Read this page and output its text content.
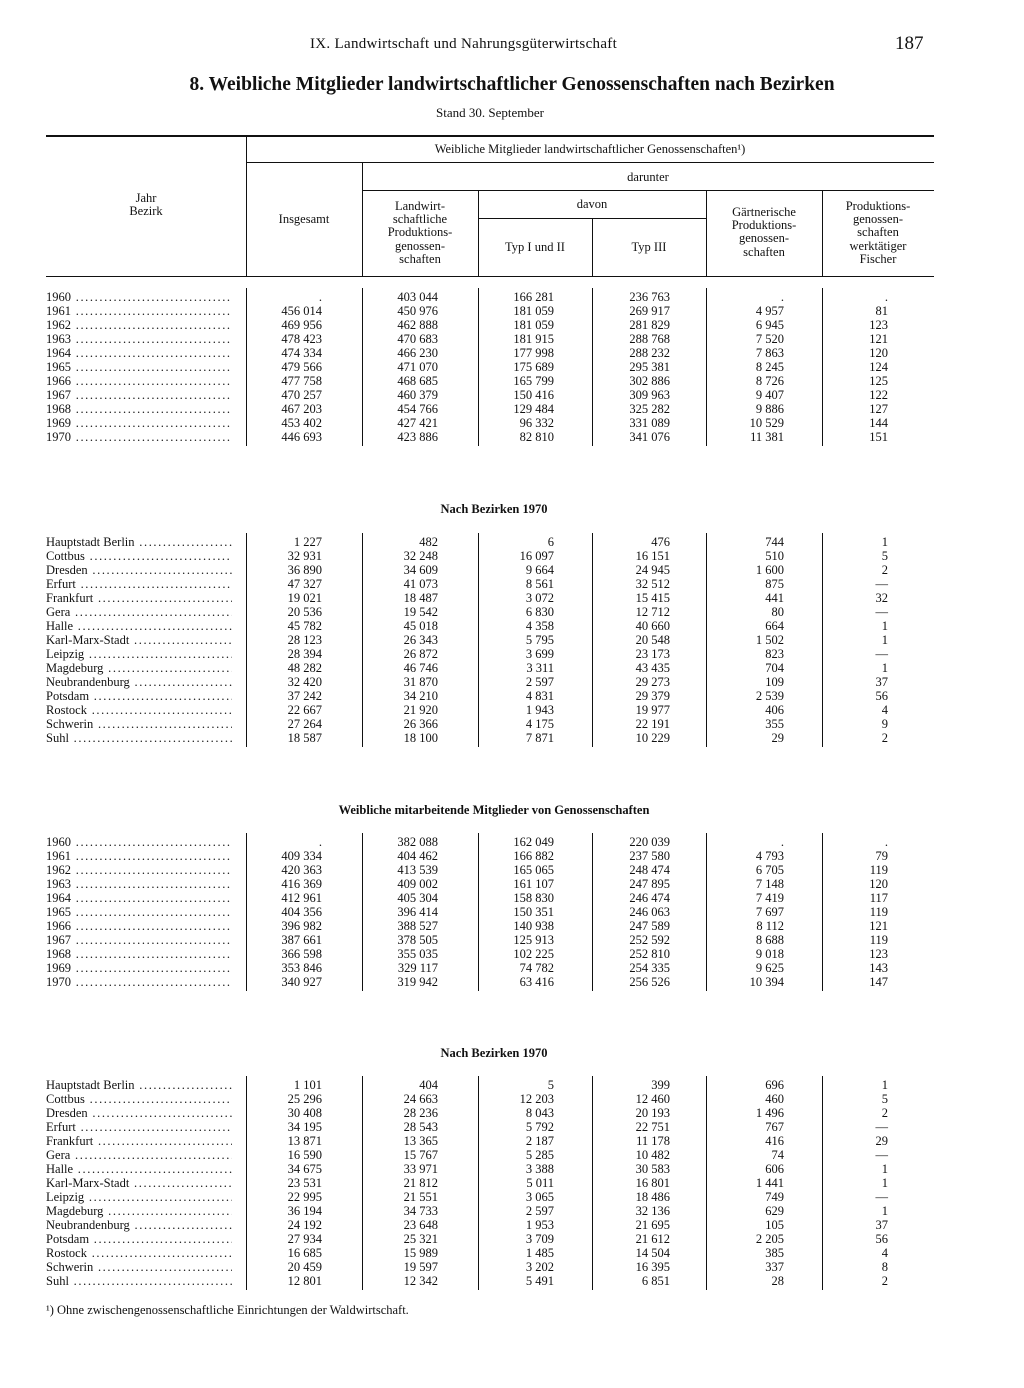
IX. Landwirtschaft und Nahrungsgüterwirtschaft	187
8. Weibliche Mitglieder landwirtschaftlicher Genossenschaften nach Bezirken
Stand 30. September
Jahr
Bezirk
Weibliche Mitglieder landwirtschaftlicher Genossenschaften¹)
Insgesamt
darunter
davon
Landwirt-
schaftliche
Produktions-
genossen-
schaften
Typ I und II	Typ III
Gärtnerische
Produktions-
genossen-
schaften
Produktions-
genossen-
schaften
werktätiger
Fischer
Nach Bezirken 1970
Weibliche mitarbeitende Mitglieder von Genossenschaften
Nach Bezirken 1970
1960 .....	.	403 044	166 281	236 763	.	.
1961 .....	456 014	450 976	181 059	269 917	4 957	81
1962 .....	469 956	462 888	181 059	281 829	6 945	123
1963 .....	478 423	470 683	181 915	288 768	7 520	121
1964 .....	474 334	466 230	177 998	288 232	7 863	120
1965 .....	479 566	471 070	175 689	295 381	8 245	124
1966 .....	477 758	468 685	165 799	302 886	8 726	125
1967 .....	470 257	460 379	150 416	309 963	9 407	122
1968 .....	467 203	454 766	129 484	325 282	9 886	127
1969 .....	453 402	427 421	96 332	331 089	10 529	144
1970 .....	446 693	423 886	82 810	341 076	11 381	151
Hauptstadt Berlin .....	1 227	482	6	476	744	1
Cottbus .....	32 931	32 248	16 097	16 151	510	5
Dresden .....	36 890	34 609	9 664	24 945	1 600	2
Erfurt .....	47 327	41 073	8 561	32 512	875	—
Frankfurt .....	19 021	18 487	3 072	15 415	441	32
Gera .....	20 536	19 542	6 830	12 712	80	—
Halle .....	45 782	45 018	4 358	40 660	664	1
Karl-Marx-Stadt .....	28 123	26 343	5 795	20 548	1 502	1
Leipzig .....	28 394	26 872	3 699	23 173	823	—
Magdeburg .....	48 282	46 746	3 311	43 435	704	1
Neubrandenburg .....	32 420	31 870	2 597	29 273	109	37
Potsdam .....	37 242	34 210	4 831	29 379	2 539	56
Rostock .....	22 667	21 920	1 943	19 977	406	4
Schwerin .....	27 264	26 366	4 175	22 191	355	9
Suhl .....	18 587	18 100	7 871	10 229	29	2
1960 .....	.	382 088	162 049	220 039	.	.
1961 .....	409 334	404 462	166 882	237 580	4 793	79
1962 .....	420 363	413 539	165 065	248 474	6 705	119
1963 .....	416 369	409 002	161 107	247 895	7 148	120
1964 .....	412 961	405 304	158 830	246 474	7 419	117
1965 .....	404 356	396 414	150 351	246 063	7 697	119
1966 .....	396 982	388 527	140 938	247 589	8 112	121
1967 .....	387 661	378 505	125 913	252 592	8 688	119
1968 .....	366 598	355 035	102 225	252 810	9 018	123
1969 .....	353 846	329 117	74 782	254 335	9 625	143
1970 .....	340 927	319 942	63 416	256 526	10 394	147
Hauptstadt Berlin .....	1 101	404	5	399	696	1
Cottbus .....	25 296	24 663	12 203	12 460	460	5
Dresden .....	30 408	28 236	8 043	20 193	1 496	2
Erfurt .....	34 195	28 543	5 792	22 751	767	—
Frankfurt .....	13 871	13 365	2 187	11 178	416	29
Gera .....	16 590	15 767	5 285	10 482	74	—
Halle .....	34 675	33 971	3 388	30 583	606	1
Karl-Marx-Stadt .....	23 531	21 812	5 011	16 801	1 441	1
Leipzig .....	22 995	21 551	3 065	18 486	749	—
Magdeburg .....	36 194	34 733	2 597	32 136	629	1
Neubrandenburg .....	24 192	23 648	1 953	21 695	105	37
Potsdam .....	27 934	25 321	3 709	21 612	2 205	56
Rostock .....	16 685	15 989	1 485	14 504	385	4
Schwerin .....	20 459	19 597	3 202	16 395	337	8
Suhl .....	12 801	12 342	5 491	6 851	28	2
¹) Ohne zwischengenossenschaftliche Einrichtungen der Waldwirtschaft.
